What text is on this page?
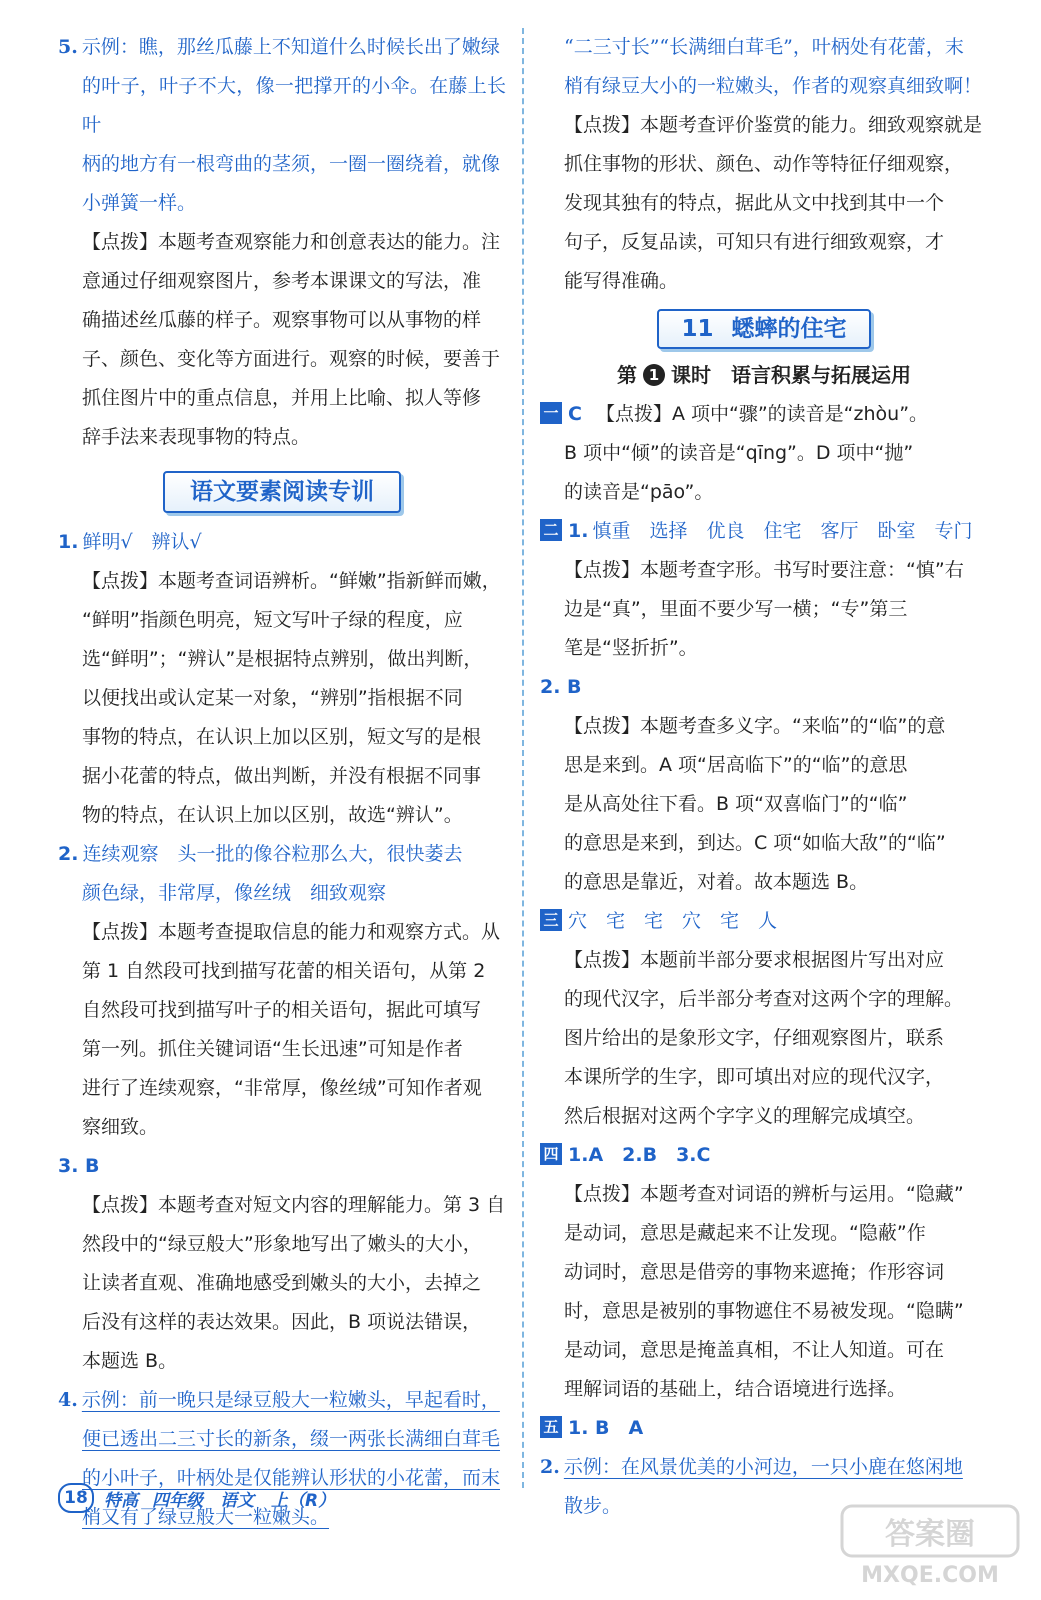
5. 示例：瞧，那丝瓜藤上不知道什么时候长出了嫩绿

的叶子，叶子不大，像一把撑开的小伞。在藤上长叶

柄的地方有一根弯曲的茎须，一圈一圈绕着，就像

小弹簧一样。

【点拨】本题考查观察能力和创意表达的能力。注

意通过仔细观察图片，参考本课课文的写法，准

确描述丝瓜藤的样子。观察事物可以从事物的样

子、颜色、变化等方面进行。观察的时候，要善于

抓住图片中的重点信息，并用上比喻、拟人等修

辞手法来表现事物的特点。

语文要素阅读专训

1. 鲜明√　辨认√

【点拨】本题考查词语辨析。“鲜嫩”指新鲜而嫩，

“鲜明”指颜色明亮，短文写叶子绿的程度，应

选“鲜明”；“辨认”是根据特点辨别，做出判断，

以便找出或认定某一对象，“辨别”指根据不同

事物的特点，在认识上加以区别，短文写的是根

据小花蕾的特点，做出判断，并没有根据不同事

物的特点，在认识上加以区别，故选“辨认”。

2. 连续观察　头一批的像谷粒那么大，很快萎去

颜色绿，非常厚，像丝绒　细致观察

【点拨】本题考查提取信息的能力和观察方式。从

第 1 自然段可找到描写花蕾的相关语句，从第 2

自然段可找到描写叶子的相关语句，据此可填写

第一列。抓住关键词语“生长迅速”可知是作者

进行了连续观察，“非常厚，像丝绒”可知作者观

察细致。

3. B

【点拨】本题考查对短文内容的理解能力。第 3 自

然段中的“绿豆般大”形象地写出了嫩头的大小，

让读者直观、准确地感受到嫩头的大小，去掉之

后没有这样的表达效果。因此，B 项说法错误，

本题选 B。

4. 示例：前一晚只是绿豆般大一粒嫩头，早起看时，

便已透出二三寸长的新条，缀一两张长满细白茸毛

的小叶子，叶柄处是仅能辨认形状的小花蕾，而末

梢又有了绿豆般大一粒嫩头。

“二三寸长”“长满细白茸毛”，叶柄处有花蕾，末

梢有绿豆大小的一粒嫩头，作者的观察真细致啊！

【点拨】本题考查评价鉴赏的能力。细致观察就是

抓住事物的形状、颜色、动作等特征仔细观察，

发现其独有的特点，据此从文中找到其中一个

句子，反复品读，可知只有进行细致观察，才

能写得准确。

11 蟋蟀的住宅

第 1 课时　语言积累与拓展运用

一 C 【点拨】A 项中“骤”的读音是“zhòu”。

B 项中“倾”的读音是“qīng”。D 项中“抛”

的读音是“pāo”。

二 1. 慎重　选择　优良　住宅　客厅　卧室　专门

【点拨】本题考查字形。书写时要注意：“慎”右

边是“真”，里面不要少写一横；“专”第三

笔是“竖折折”。

2. B

【点拨】本题考查多义字。“来临”的“临”的意

思是来到。A 项“居高临下”的“临”的意思

是从高处往下看。B 项“双喜临门”的“临”

的意思是来到，到达。C 项“如临大敌”的“临”

的意思是靠近，对着。故本题选 B。

三 穴　宅　宅　穴　宅　人

【点拨】本题前半部分要求根据图片写出对应

的现代汉字，后半部分考查对这两个字的理解。

图片给出的是象形文字，仔细观察图片，联系

本课所学的生字，即可填出对应的现代汉字，

然后根据对这两个字字义的理解完成填空。

四 1.A　2.B　3.C

【点拨】本题考查对词语的辨析与运用。“隐藏”

是动词，意思是藏起来不让发现。“隐蔽”作

动词时，意思是借旁的事物来遮掩；作形容词

时，意思是被别的事物遮住不易被发现。“隐瞒”

是动词，意思是掩盖真相，不让人知道。可在

理解词语的基础上，结合语境进行选择。

五 1. B　A

2. 示例：在风景优美的小河边，一只小鹿在悠闲地

散步。

18 特高 四年级　语文　上（R）
答案圈
MXQE.COM
